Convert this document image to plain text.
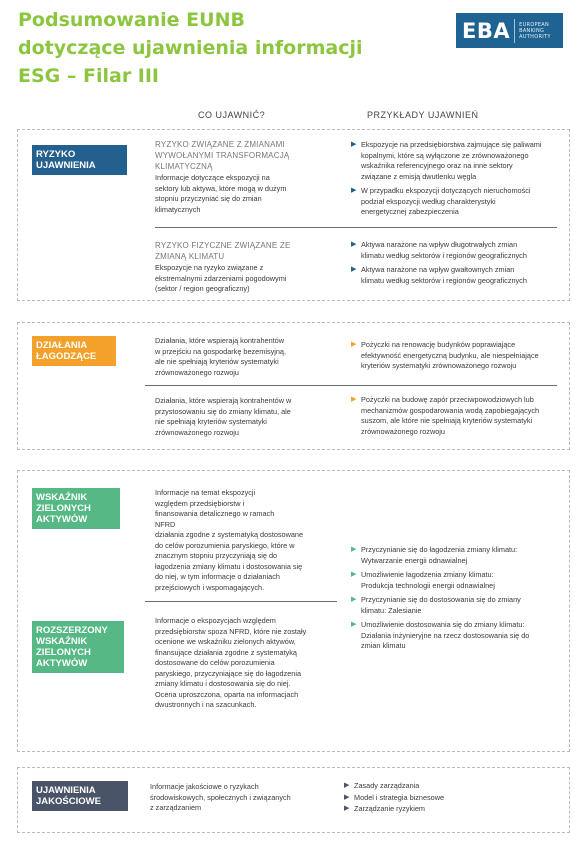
Podsumowanie EUNB
dotyczące ujawnienia informacji
ESG – Filar III
EBA EUROPEAN
BANKING
AUTHORITY
CO UJAWNIĆ?	PRZYKŁADY UJAWNIEŃ
RYZYKO
UJAWNIENIA
RYZYKO ZWIĄZANE Z ZMIANAMI
WYWOŁANYMI TRANSFORMACJĄ
KLIMATYCZNĄ
Informacje dotyczące ekspozycji na
sektory lub aktywa, które mogą w dużym
stopniu przyczyniać się do zmian
klimatycznych
▶ Ekspozycje na przedsiębiorstwa zajmujące się paliwami
kopalnymi, które są wyłączone ze zrównoważonego
wskaźnika referencyjnego oraz na inne sektory
związane z emisją dwutlenku węgla
▶ W przypadku ekspozycji dotyczących nieruchomości
podział ekspozycji według charakterystyki
energetycznej zabezpieczenia
RYZYKO FIZYCZNE ZWIĄZANE ZE
ZMIANĄ KLIMATU
Ekspozycje na ryzyko związane z
ekstremalnymi zdarzeniami pogodowymi
(sektor / region geograficzny)
▶ Aktywa narażone na wpływ długotrwałych zmian
klimatu według sektorów i regionów geograficznych
▶ Aktywa narażone na wpływ gwałtownych zmian
klimatu według sektorów i regionów geograficznych
DZIAŁANIA
ŁAGODZĄCE
Działania, które wspierają kontrahentów
w przejściu na gospodarkę bezemisyjną,
ale nie spełniają kryteriów systematyki
zrównoważonego rozwoju
▶ Pożyczki na renowację budynków poprawiające
efektywność energetyczną budynku, ale niespełniające
kryteriów systematyki zrównoważonego rozwoju
Działania, które wspierają kontrahentów w
przystosowaniu się do zmiany klimatu, ale
nie spełniają kryteriów systematyki
zrównoważonego rozwoju
▶ Pożyczki na budowę zapór przeciwpowodziowych lub
mechanizmów gospodarowania wodą zapobiegających
suszom, ale które nie spełniają kryteriów systematyki
zrównoważonego rozwoju
WSKAŹNIK
ZIELONYCH
AKTYWÓW
Informacje na temat ekspozycji
względem przedsiębiorstw i
finansowania detalicznego w ramach
NFRD
działania zgodne z systematyką dostosowane
do celów porozumienia paryskiego, które w
znacznym stopniu przyczyniają się do
łagodzenia zmiany klimatu i dostosowania się
do niej, w tym informacje o działaniach
przejściowych i wspomagających.
ROZSZERZONY
WSKAŹNIK
ZIELONYCH
AKTYWÓW
Informacje o ekspozycjach względem
przedsiębiorstw spoza NFRD, które nie zostały
ocenione we wskaźniku zielonych aktywów,
finansujące działania zgodne z systematyką
dostosowane do celów porozumienia
paryskiego, przyczyniające się do łagodzenia
zmiany klimatu i dostosowania się do niej.
Ocena uproszczona, oparta na informacjach
dwustronnych i na szacunkach.
▶ Przyczynianie się do łagodzenia zmiany klimatu:
Wytwarzanie energii odnawialnej
▶ Umożliwienie łagodzenia zmiany klimatu:
Produkcja technologii energii odnawialnej
▶ Przyczynianie się do dostosowania się do zmiany
klimatu: Zalesianie
▶ Umożliwienie dostosowania się do zmiany klimatu:
Działania inżynieryjne na rzecz dostosowania się do
zmian klimatu
UJAWNIENIA
JAKOŚCIOWE
Informacje jakościowe o ryzykach
środowiskowych, społecznych i związanych
z zarządzaniem
▶ Zasady zarządzania
▶ Model i strategia biznesowe
▶ Zarządzanie ryzykiem
